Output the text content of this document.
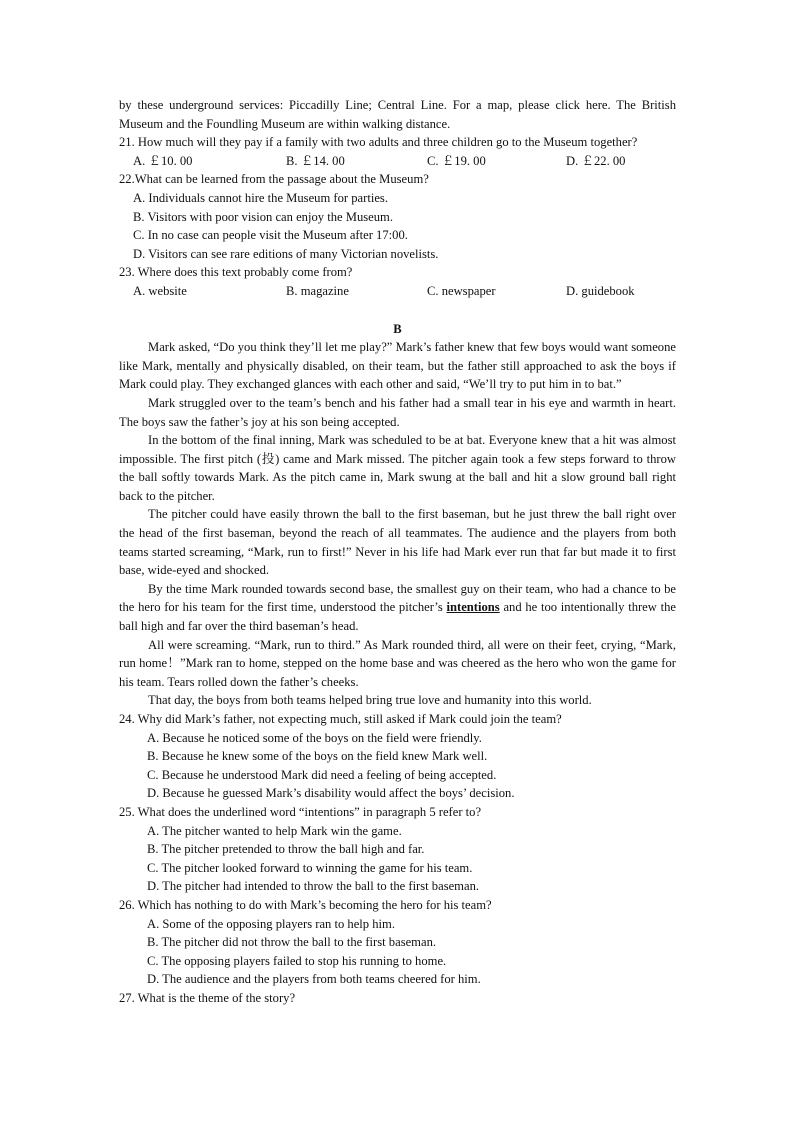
by these underground services: Piccadilly Line; Central Line. For a map, please click here. The British Museum and the Foundling Museum are within walking distance.

21. How much will they pay if a family with two adults and three children go to the Museum together?

A. ￡10. 00	B. ￡14. 00	C. ￡19. 00	D. ￡22. 00

22.What can be learned from the passage about the Museum?

A. Individuals cannot hire the Museum for parties.

B. Visitors with poor vision can enjoy the Museum.

C. In no case can people visit the Museum after 17:00.

D. Visitors can see rare editions of many Victorian novelists.

23. Where does this text probably come from?

A. website	B. magazine	C. newspaper	D. guidebook

B

Mark asked, “Do you think they’ll let me play?” Mark’s father knew that few boys would want someone like Mark, mentally and physically disabled, on their team, but the father still approached to ask the boys if Mark could play. They exchanged glances with each other and said, “We’ll try to put him in to bat.”

Mark struggled over to the team’s bench and his father had a small tear in his eye and warmth in heart. The boys saw the father’s joy at his son being accepted.

In the bottom of the final inning, Mark was scheduled to be at bat. Everyone knew that a hit was almost impossible. The first pitch (投) came and Mark missed. The pitcher again took a few steps forward to throw the ball softly towards Mark. As the pitch came in, Mark swung at the ball and hit a slow ground ball right back to the pitcher.

The pitcher could have easily thrown the ball to the first baseman, but he just threw the ball right over the head of the first baseman, beyond the reach of all teammates. The audience and the players from both teams started screaming, “Mark, run to first!” Never in his life had Mark ever run that far but made it to first base, wide-eyed and shocked.

By the time Mark rounded towards second base, the smallest guy on their team, who had a chance to be the hero for his team for the first time, understood the pitcher’s intentions and he too intentionally threw the ball high and far over the third baseman’s head.

All were screaming. “Mark, run to third.” As Mark rounded third, all were on their feet, crying, “Mark, run home！”Mark ran to home, stepped on the home base and was cheered as the hero who won the game for his team. Tears rolled down the father’s cheeks.

That day, the boys from both teams helped bring true love and humanity into this world.

24. Why did Mark’s father, not expecting much, still asked if Mark could join the team?

A. Because he noticed some of the boys on the field were friendly.

B. Because he knew some of the boys on the field knew Mark well.

C. Because he understood Mark did need a feeling of being accepted.

D. Because he guessed Mark’s disability would affect the boys’ decision.

25. What does the underlined word “intentions” in paragraph 5 refer to?

A. The pitcher wanted to help Mark win the game.

B. The pitcher pretended to throw the ball high and far.

C. The pitcher looked forward to winning the game for his team.

D. The pitcher had intended to throw the ball to the first baseman.

26. Which has nothing to do with Mark’s becoming the hero for his team?

A. Some of the opposing players ran to help him.

B. The pitcher did not throw the ball to the first baseman.

C. The opposing players failed to stop his running to home.

D. The audience and the players from both teams cheered for him.

27. What is the theme of the story?
